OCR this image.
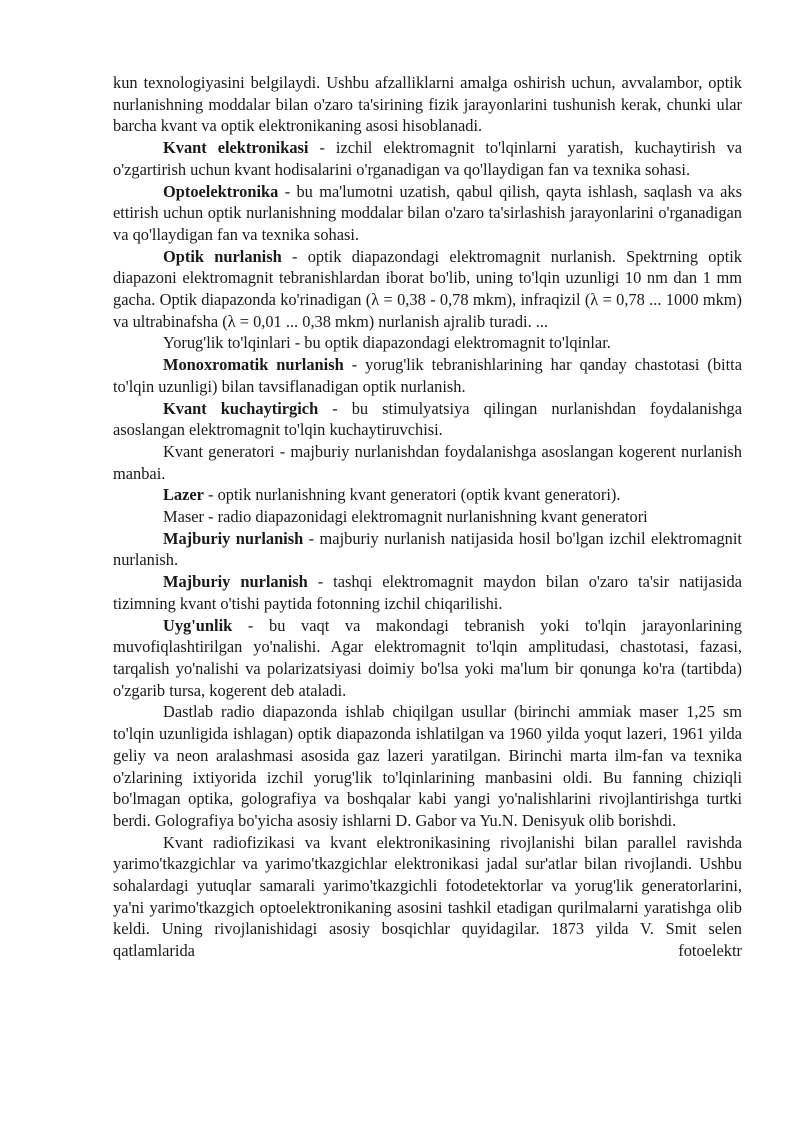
kun texnologiyasini belgilaydi. Ushbu afzalliklarni amalga oshirish uchun, avvalambor, optik nurlanishning moddalar bilan o'zaro ta'sirining fizik jarayonlarini tushunish kerak, chunki ular barcha kvant va optik elektronikaning asosi hisoblanadi.

Kvant elektronikasi - izchil elektromagnit to'lqinlarni yaratish, kuchaytirish va o'zgartirish uchun kvant hodisalarini o'rganadigan va qo'llaydigan fan va texnika sohasi.

Optoelektronika - bu ma'lumotni uzatish, qabul qilish, qayta ishlash, saqlash va aks ettirish uchun optik nurlanishning moddalar bilan o'zaro ta'sirlashish jarayonlarini o'rganadigan va qo'llaydigan fan va texnika sohasi.

Optik nurlanish - optik diapazondagi elektromagnit nurlanish. Spektrning optik diapazoni elektromagnit tebranishlardan iborat bo'lib, uning to'lqin uzunligi 10 nm dan 1 mm gacha. Optik diapazonda ko'rinadigan (λ = 0,38 - 0,78 mkm), infraqizil (λ = 0,78 ... 1000 mkm) va ultrabinafsha (λ = 0,01 ... 0,38 mkm) nurlanish ajralib turadi. ...

Yorug'lik to'lqinlari - bu optik diapazondagi elektromagnit to'lqinlar.

Monoxromatik nurlanish - yorug'lik tebranishlarining har qanday chastotasi (bitta to'lqin uzunligi) bilan tavsiflanadigan optik nurlanish.

Kvant kuchaytirgich - bu stimulyatsiya qilingan nurlanishdan foydalanishga asoslangan elektromagnit to'lqin kuchaytiruvchisi.

Kvant generatori - majburiy nurlanishdan foydalanishga asoslangan kogerent nurlanish manbai.

Lazer - optik nurlanishning kvant generatori (optik kvant generatori).

Maser - radio diapazonidagi elektromagnit nurlanishning kvant generatori

Majburiy nurlanish - majburiy nurlanish natijasida hosil bo'lgan izchil elektromagnit nurlanish.

Majburiy nurlanish - tashqi elektromagnit maydon bilan o'zaro ta'sir natijasida tizimning kvant o'tishi paytida fotonning izchil chiqarilishi.

Uyg'unlik - bu vaqt va makondagi tebranish yoki to'lqin jarayonlarining muvofiqlashtirilgan yo'nalishi. Agar elektromagnit to'lqin amplitudasi, chastotasi, fazasi, tarqalish yo'nalishi va polarizatsiyasi doimiy bo'lsa yoki ma'lum bir qonunga ko'ra (tartibda) o'zgarib tursa, kogerent deb ataladi.

Dastlab radio diapazonda ishlab chiqilgan usullar (birinchi ammiak maser 1,25 sm to'lqin uzunligida ishlagan) optik diapazonda ishlatilgan va 1960 yilda yoqut lazeri, 1961 yilda geliy va neon aralashmasi asosida gaz lazeri yaratilgan. Birinchi marta ilm-fan va texnika o'zlarining ixtiyorida izchil yorug'lik to'lqinlarining manbasini oldi. Bu fanning chiziqli bo'lmagan optika, golografiya va boshqalar kabi yangi yo'nalishlarini rivojlantirishga turtki berdi. Golografiya bo'yicha asosiy ishlarni D. Gabor va Yu.N. Denisyuk olib borishdi.

Kvant radiofizikasi va kvant elektronikasining rivojlanishi bilan parallel ravishda yarimo'tkazgichlar va yarimo'tkazgichlar elektronikasi jadal sur'atlar bilan rivojlandi. Ushbu sohalardagi yutuqlar samarali yarimo'tkazgichli fotodetektorlar va yorug'lik generatorlarini, ya'ni yarimo'tkazgich optoelektronikaning asosini tashkil etadigan qurilmalarni yaratishga olib keldi. Uning rivojlanishidagi asosiy bosqichlar quyidagilar. 1873 yilda V. Smit selen qatlamlarida fotoelektr
